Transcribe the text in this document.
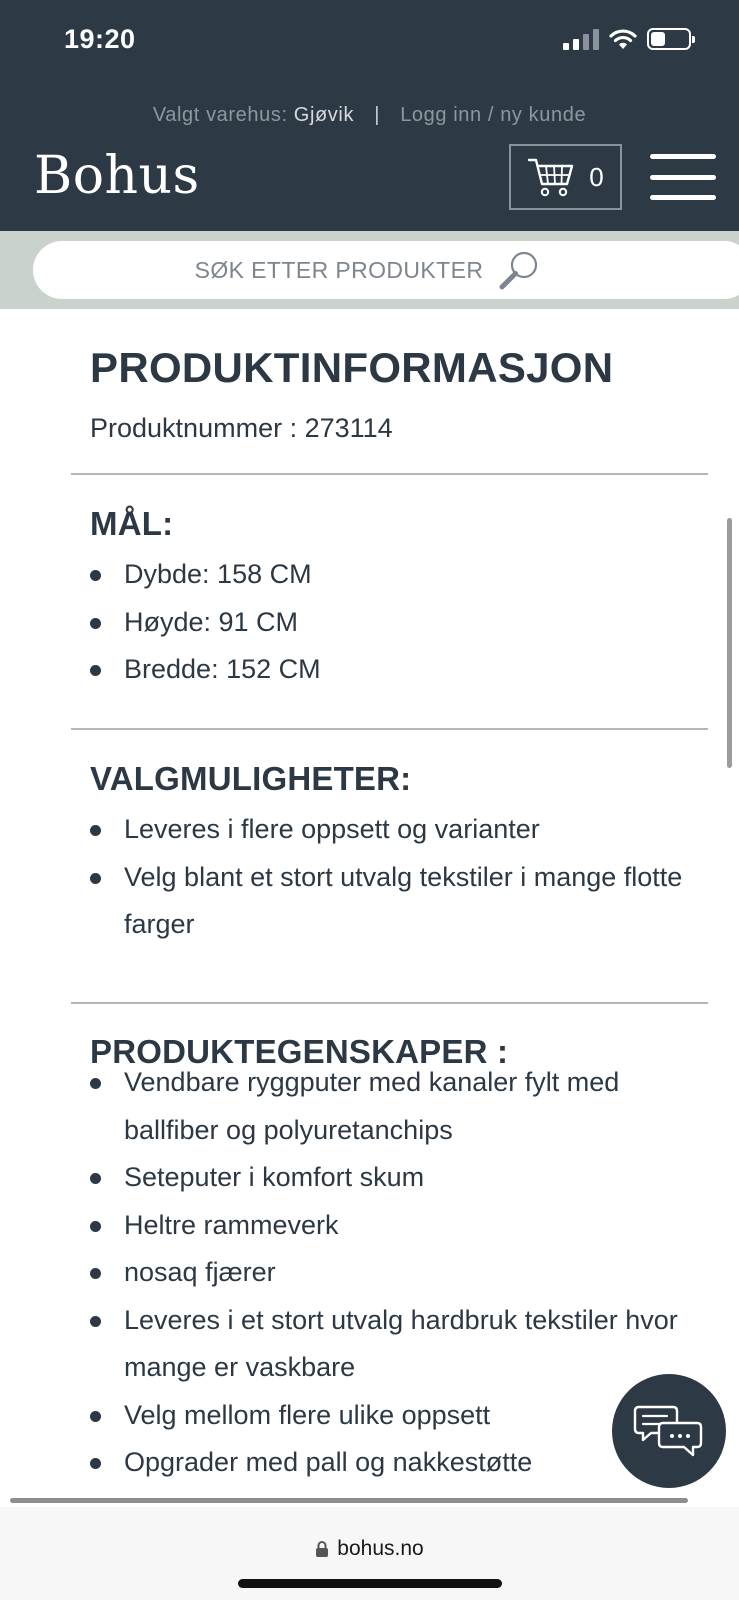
19:20
Valgt varehus: Gjøvik | Logg inn / ny kunde
Bohus	0
SØK ETTER PRODUKTER
PRODUKTINFORMASJON
Produktnummer : 273114
MÅL:
Dybde: 158 CM
Høyde: 91 CM
Bredde: 152 CM
VALGMULIGHETER:
Leveres i flere oppsett og varianter
Velg blant et stort utvalg tekstiler i mange flotte farger
PRODUKTEGENSKAPER :
Vendbare ryggputer med kanaler fylt med ballfiber og polyuretanchips
Seteputer i komfort skum
Heltre rammeverk
nosaq fjærer
Leveres i et stort utvalg hardbruk tekstiler hvor mange er vaskbare
Velg mellom flere ulike oppsett
Opgrader med pall og nakkestøtte
bohus.no
